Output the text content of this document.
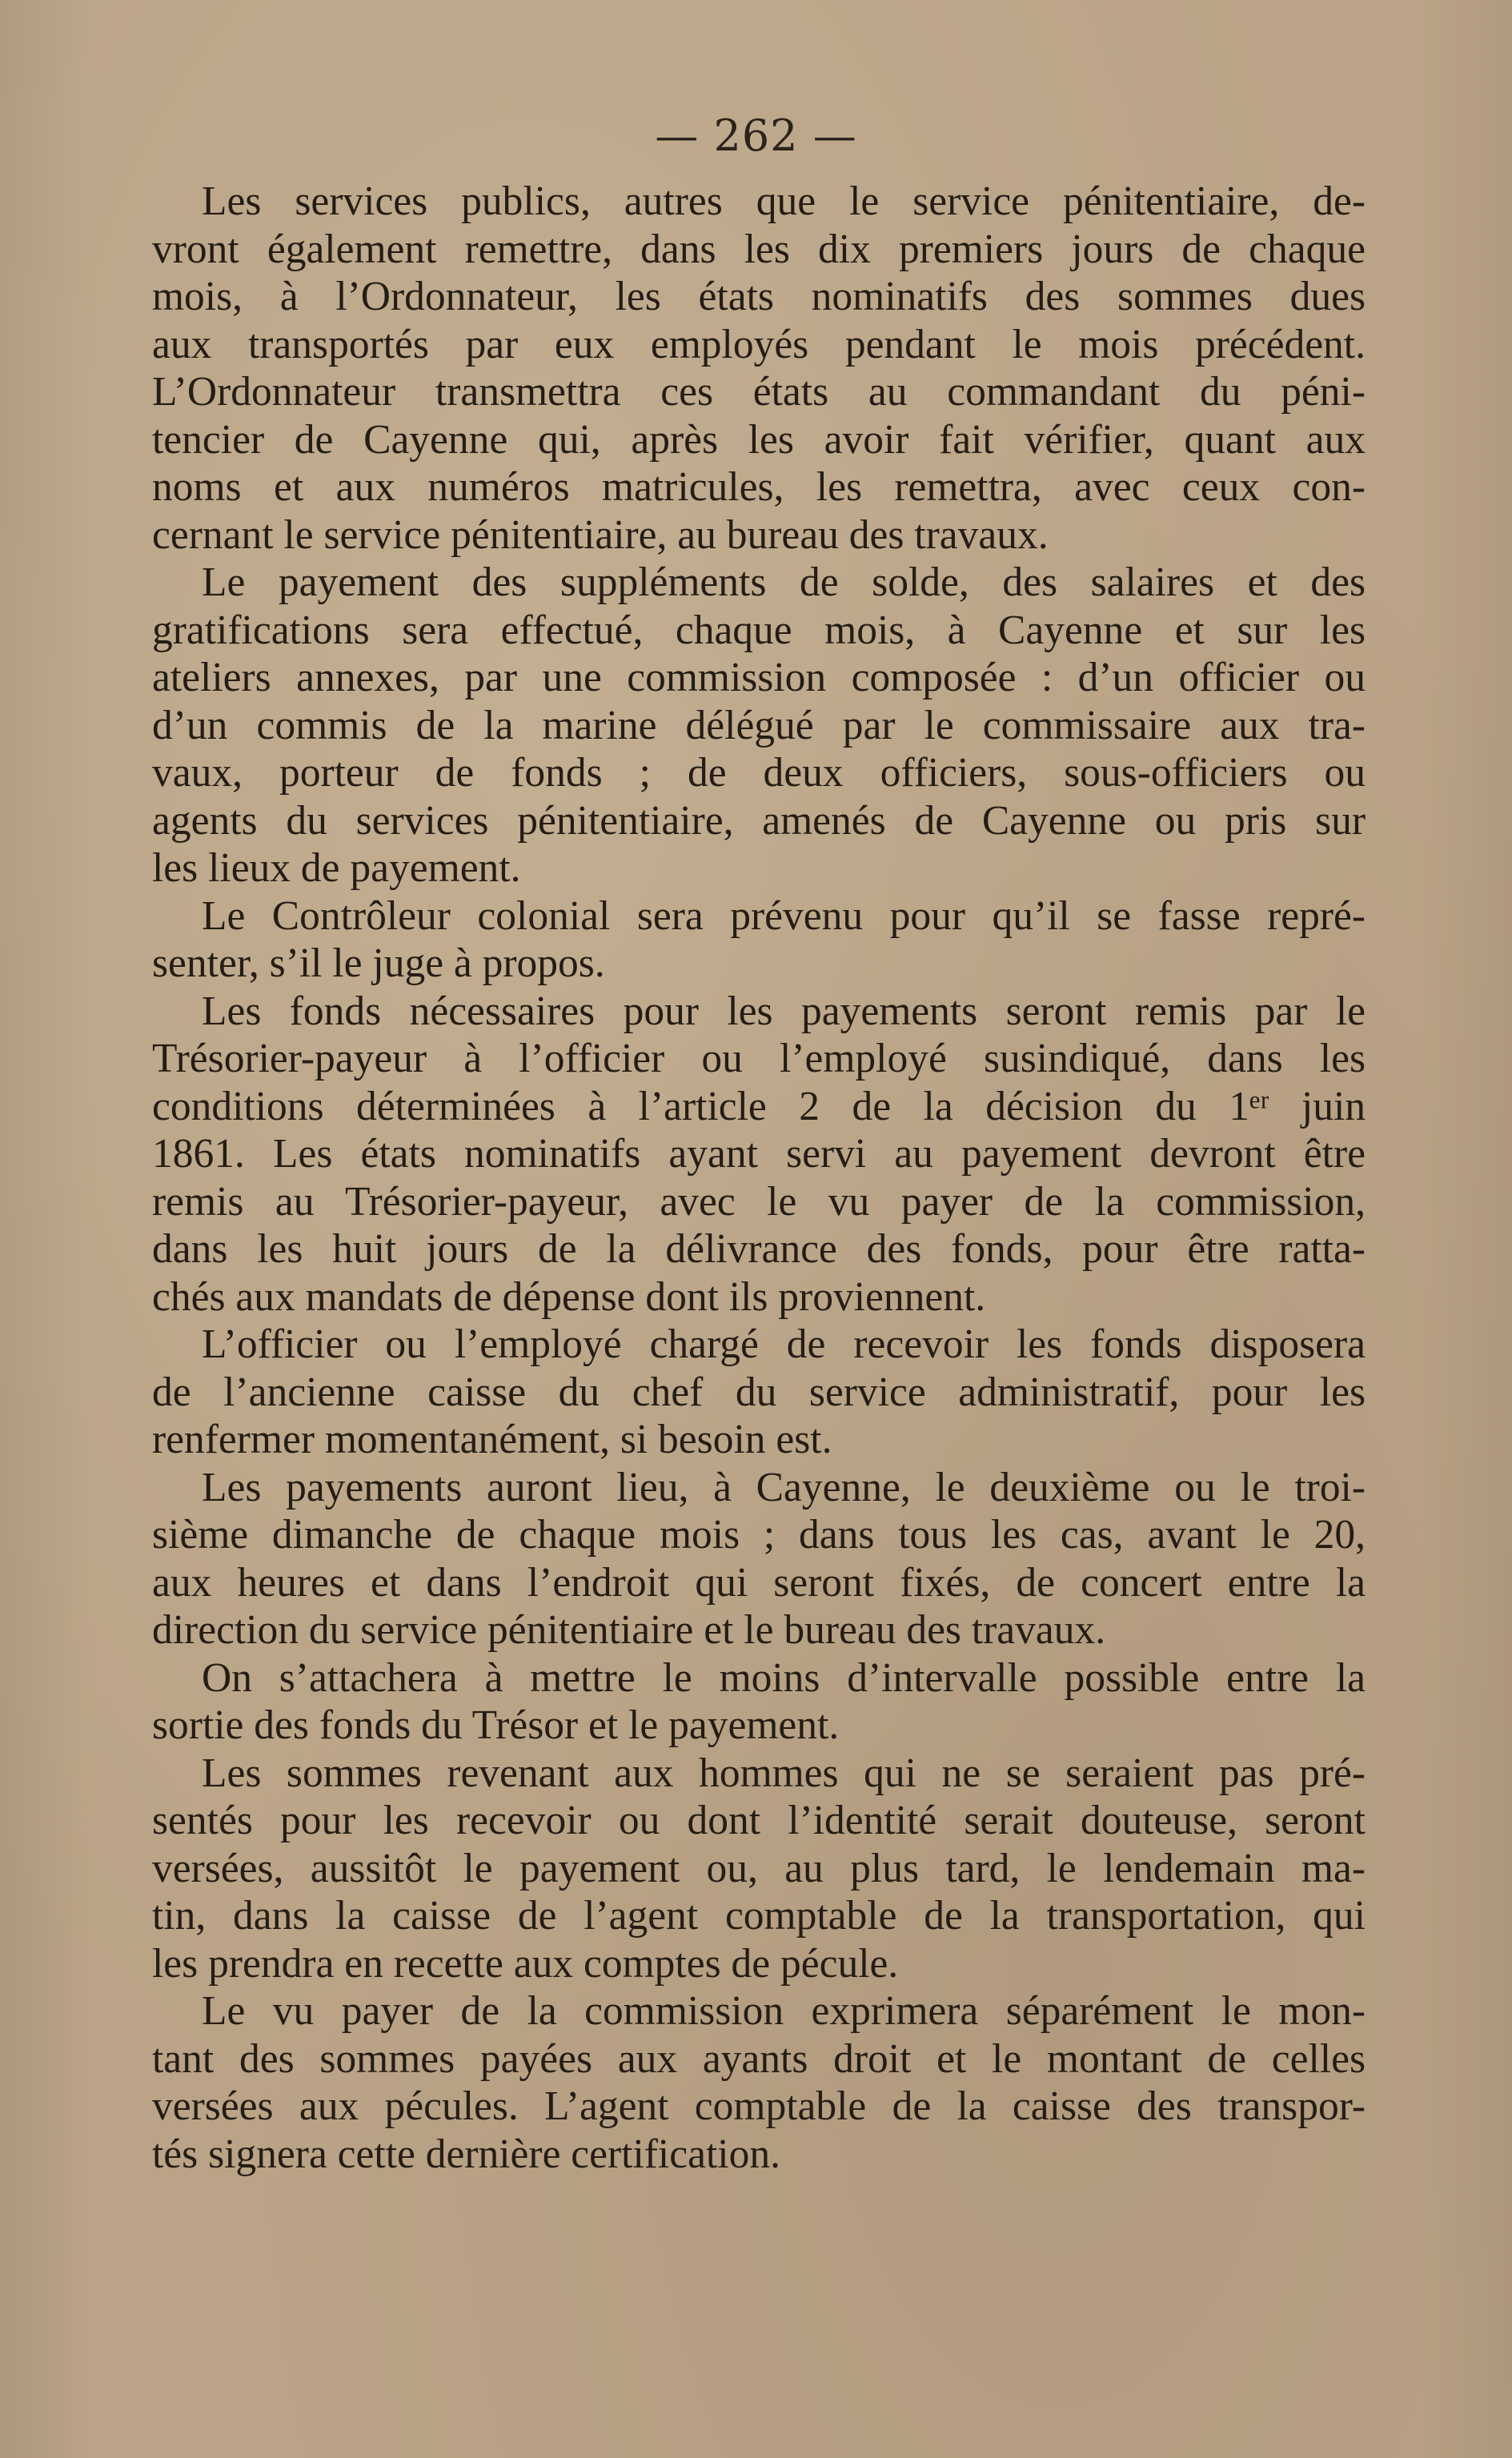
— 262 —
Les services publics, autres que le service pénitentiaire, de-
vront également remettre, dans les dix premiers jours de chaque
mois, à l’Ordonnateur, les états nominatifs des sommes dues
aux transportés par eux employés pendant le mois précédent.
L’Ordonnateur transmettra ces états au commandant du péni-
tencier de Cayenne qui, après les avoir fait vérifier, quant aux
noms et aux numéros matricules, les remettra, avec ceux con-
cernant le service pénitentiaire, au bureau des travaux.
Le payement des suppléments de solde, des salaires et des
gratifications sera effectué, chaque mois, à Cayenne et sur les
ateliers annexes, par une commission composée : d’un officier ou
d’un commis de la marine délégué par le commissaire aux tra-
vaux, porteur de fonds ; de deux officiers, sous-officiers ou
agents du services pénitentiaire, amenés de Cayenne ou pris sur
les lieux de payement.
Le Contrôleur colonial sera prévenu pour qu’il se fasse repré-
senter, s’il le juge à propos.
Les fonds nécessaires pour les payements seront remis par le
Trésorier-payeur à l’officier ou l’employé susindiqué, dans les
conditions déterminées à l’article 2 de la décision du 1ᵉʳ juin
1861. Les états nominatifs ayant servi au payement devront être
remis au Trésorier-payeur, avec le vu payer de la commission,
dans les huit jours de la délivrance des fonds, pour être ratta-
chés aux mandats de dépense dont ils proviennent.
L’officier ou l’employé chargé de recevoir les fonds disposera
de l’ancienne caisse du chef du service administratif, pour les
renfermer momentanément, si besoin est.
Les payements auront lieu, à Cayenne, le deuxième ou le troi-
sième dimanche de chaque mois ; dans tous les cas, avant le 20,
aux heures et dans l’endroit qui seront fixés, de concert entre la
direction du service pénitentiaire et le bureau des travaux.
On s’attachera à mettre le moins d’intervalle possible entre la
sortie des fonds du Trésor et le payement.
Les sommes revenant aux hommes qui ne se seraient pas pré-
sentés pour les recevoir ou dont l’identité serait douteuse, seront
versées, aussitôt le payement ou, au plus tard, le lendemain ma-
tin, dans la caisse de l’agent comptable de la transportation, qui
les prendra en recette aux comptes de pécule.
Le vu payer de la commission exprimera séparément le mon-
tant des sommes payées aux ayants droit et le montant de celles
versées aux pécules. L’agent comptable de la caisse des transpor-
tés signera cette dernière certification.
